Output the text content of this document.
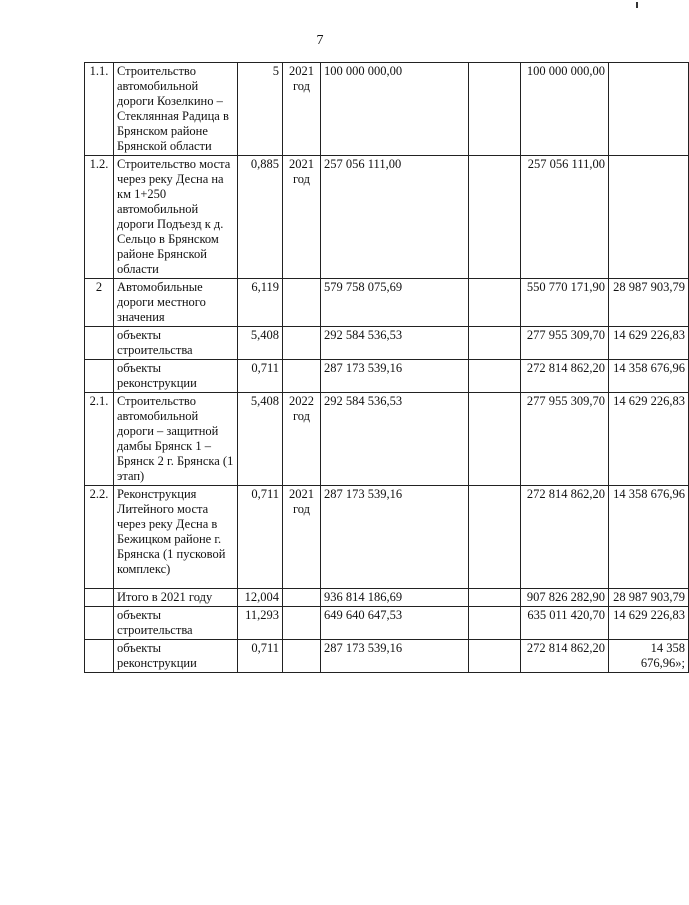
7
1.1.	Строительство автомобильной дороги Козелкино – Стеклянная Радица в Брянском районе Брянской области	5	2021 год	100 000 000,00		100 000 000,00	
1.2.	Строительство моста через реку Десна на км 1+250 автомобильной дороги Подъезд к д. Сельцо в Брянском районе Брянской области	0,885	2021 год	257 056 111,00		257 056 111,00	
2	Автомобильные дороги местного значения	6,119		579 758 075,69		550 770 171,90	28 987 903,79
	объекты строительства	5,408		292 584 536,53		277 955 309,70	14 629 226,83
	объекты реконструкции	0,711		287 173 539,16		272 814 862,20	14 358 676,96
2.1.	Строительство автомобильной дороги – защитной дамбы Брянск 1 – Брянск 2 г. Брянска (1 этап)	5,408	2022 год	292 584 536,53		277 955 309,70	14 629 226,83
2.2.	Реконструкция Литейного моста через реку Десна в Бежицком районе г. Брянска (1 пусковой комплекс)	0,711	2021 год	287 173 539,16		272 814 862,20	14 358 676,96
	Итого в 2021 году	12,004		936 814 186,69		907 826 282,90	28 987 903,79
	объекты строительства	11,293		649 640 647,53		635 011 420,70	14 629 226,83
	объекты реконструкции	0,711		287 173 539,16		272 814 862,20	14 358 676,96»;
